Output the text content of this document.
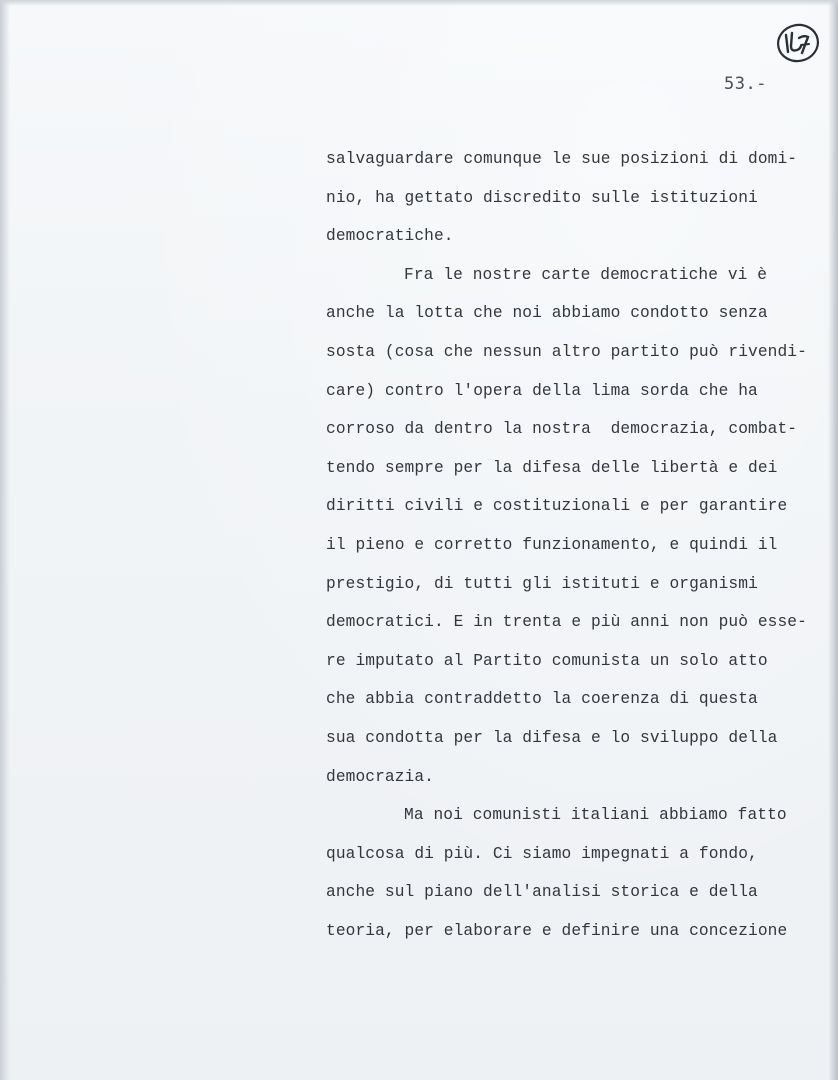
53.-
salvaguardare comunque le sue posizioni di domi-
nio, ha gettato discredito sulle istituzioni
democratiche.
Fra le nostre carte democratiche vi è
anche la lotta che noi abbiamo condotto senza
sosta (cosa che nessun altro partito può rivendi-
care) contro l'opera della lima sorda che ha
corroso da dentro la nostra  democrazia, combat-
tendo sempre per la difesa delle libertà e dei
diritti civili e costituzionali e per garantire
il pieno e corretto funzionamento, e quindi il
prestigio, di tutti gli istituti e organismi
democratici. E in trenta e più anni non può esse-
re imputato al Partito comunista un solo atto
che abbia contraddetto la coerenza di questa
sua condotta per la difesa e lo sviluppo della
democrazia.
Ma noi comunisti italiani abbiamo fatto
qualcosa di più. Ci siamo impegnati a fondo,
anche sul piano dell'analisi storica e della
teoria, per elaborare e definire una concezione
